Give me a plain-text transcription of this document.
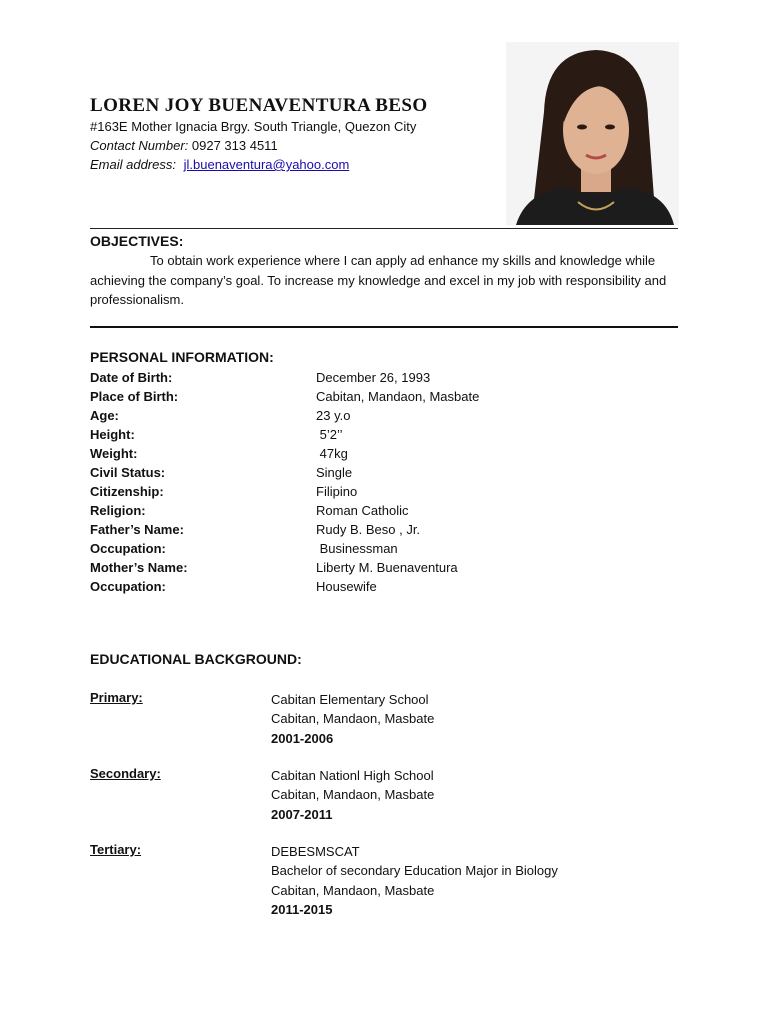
LOREN JOY BUENAVENTURA BESO
#163E Mother Ignacia Brgy. South Triangle, Quezon City
Contact Number: 0927 313 4511
Email address: jl.buenaventura@yahoo.com
OBJECTIVES:
To obtain work experience where I can apply ad enhance my skills and knowledge while achieving the company’s goal. To increase my knowledge and excel in my job with responsibility and professionalism.
PERSONAL INFORMATION:
Date of Birth:	December 26, 1993
Place of Birth:	Cabitan, Mandaon, Masbate
Age:	23 y.o
Height:	5’2’’
Weight:	47kg
Civil Status:	Single
Citizenship:	Filipino
Religion:	Roman Catholic
Father’s Name:	Rudy B. Beso , Jr.
Occupation:	Businessman
Mother’s Name:	Liberty M. Buenaventura
Occupation:	Housewife
EDUCATIONAL BACKGROUND:
Primary:	Cabitan Elementary School
Cabitan, Mandaon, Masbate
2001-2006
Secondary:	Cabitan Nationl High School
Cabitan, Mandaon, Masbate
2007-2011
Tertiary:	DEBESMSCAT
Bachelor of secondary Education Major in Biology
Cabitan, Mandaon, Masbate
2011-2015
